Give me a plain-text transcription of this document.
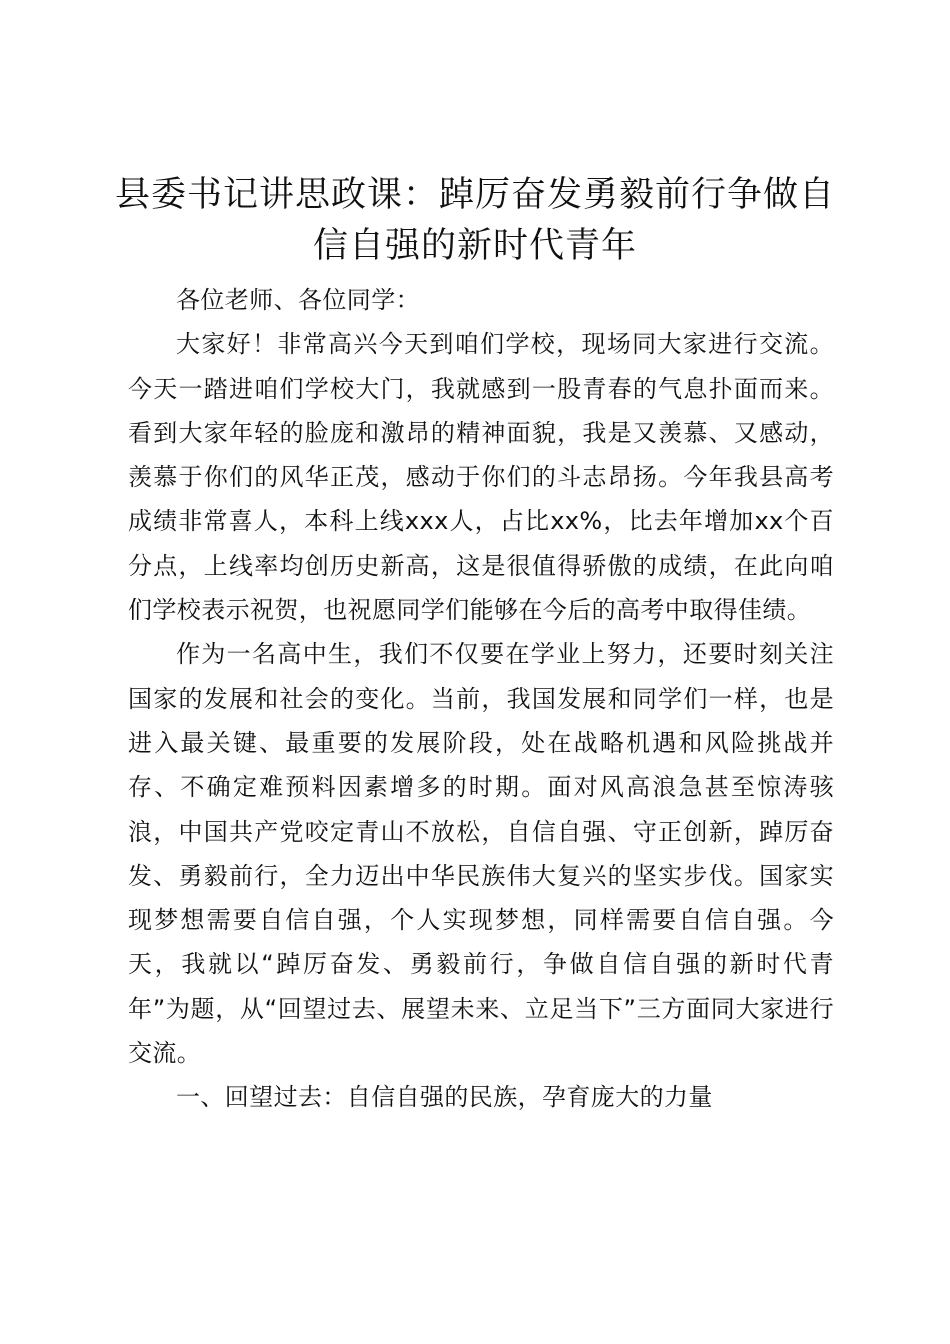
县委书记讲思政课：踔厉奋发勇毅前行争做自信自强的新时代青年

各位老师、各位同学：

大家好！非常高兴今天到咱们学校，现场同大家进行交流。今天一踏进咱们学校大门，我就感到一股青春的气息扑面而来。看到大家年轻的脸庞和激昂的精神面貌，我是又羡慕、又感动，羡慕于你们的风华正茂，感动于你们的斗志昂扬。今年我县高考成绩非常喜人，本科上线xxx人，占比xx%，比去年增加xx个百分点，上线率均创历史新高，这是很值得骄傲的成绩，在此向咱们学校表示祝贺，也祝愿同学们能够在今后的高考中取得佳绩。

作为一名高中生，我们不仅要在学业上努力，还要时刻关注国家的发展和社会的变化。当前，我国发展和同学们一样，也是进入最关键、最重要的发展阶段，处在战略机遇和风险挑战并存、不确定难预料因素增多的时期。面对风高浪急甚至惊涛骇浪，中国共产党咬定青山不放松，自信自强、守正创新，踔厉奋发、勇毅前行，全力迈出中华民族伟大复兴的坚实步伐。国家实现梦想需要自信自强，个人实现梦想，同样需要自信自强。今天，我就以“踔厉奋发、勇毅前行，争做自信自强的新时代青年”为题，从“回望过去、展望未来、立足当下”三方面同大家进行交流。

一、回望过去：自信自强的民族，孕育庞大的力量
